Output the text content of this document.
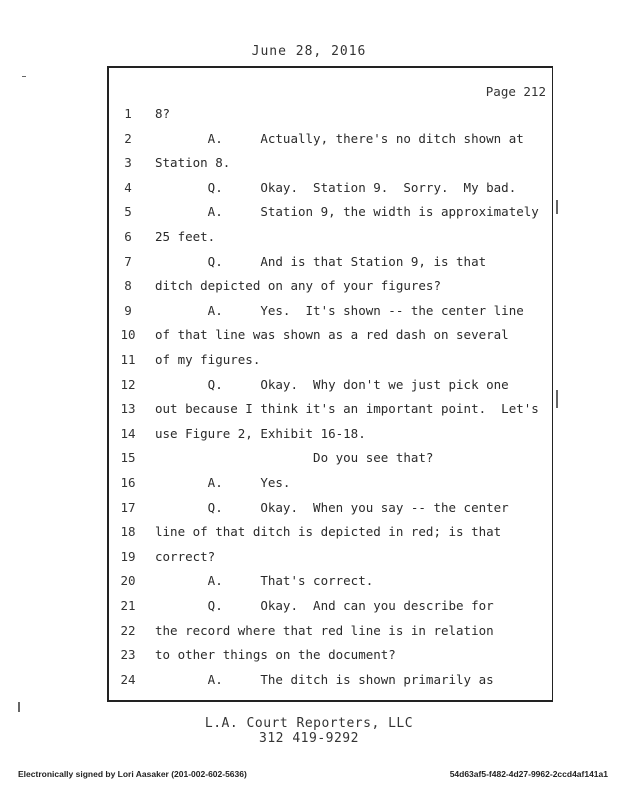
June 28, 2016
Page 212
1	8?
2	A.     Actually, there's no ditch shown at
3	Station 8.
4	Q.     Okay.  Station 9.  Sorry.  My bad.
5	A.     Station 9, the width is approximately
6	25 feet.
7	Q.     And is that Station 9, is that
8	ditch depicted on any of your figures?
9	A.     Yes.  It's shown -- the center line
10 of that line was shown as a red dash on several
11 of my figures.
12 Q.     Okay.  Why don't we just pick one
13 out because I think it's an important point.  Let's
14 use Figure 2, Exhibit 16-18.
15 Do you see that?
16 A.     Yes.
17 Q.     Okay.  When you say -- the center
18 line of that ditch is depicted in red; is that
19 correct?
20 A.     That's correct.
21 Q.     Okay.  And can you describe for
22 the record where that red line is in relation
23 to other things on the document?
24 A.     The ditch is shown primarily as
L.A. Court Reporters, LLC
312 419-9292
Electronically signed by Lori Aasaker (201-002-602-5636)	54d63af5-f482-4d27-9962-2ccd4af141a1
